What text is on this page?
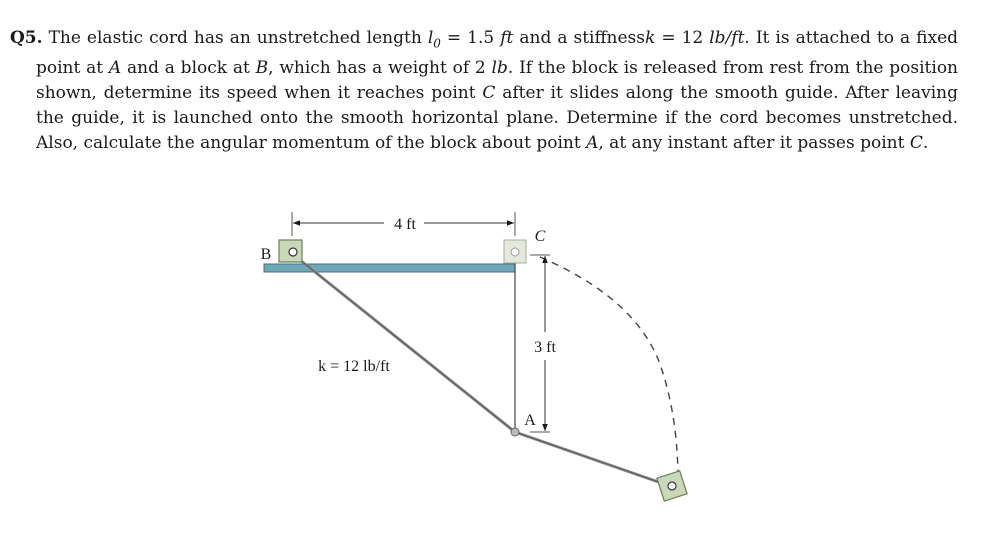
Q5. The elastic cord has an unstretched length $l_0 = 1.5$ ft and a stiffnessk = 12 lb/ft. It is attached to a fixed point at A and a block at B, which has a weight of 2 lb. If the block is released from rest from the position shown, determine its speed when it reaches point C after it slides along the smooth guide. After leaving the guide, it is launched onto the smooth horizontal plane. Determine if the cord becomes unstretched. Also, calculate the angular momentum of the block about point A, at any instant after it passes point C.

4 ft
3 ft
B
C
A
k = 12 lb/ft
